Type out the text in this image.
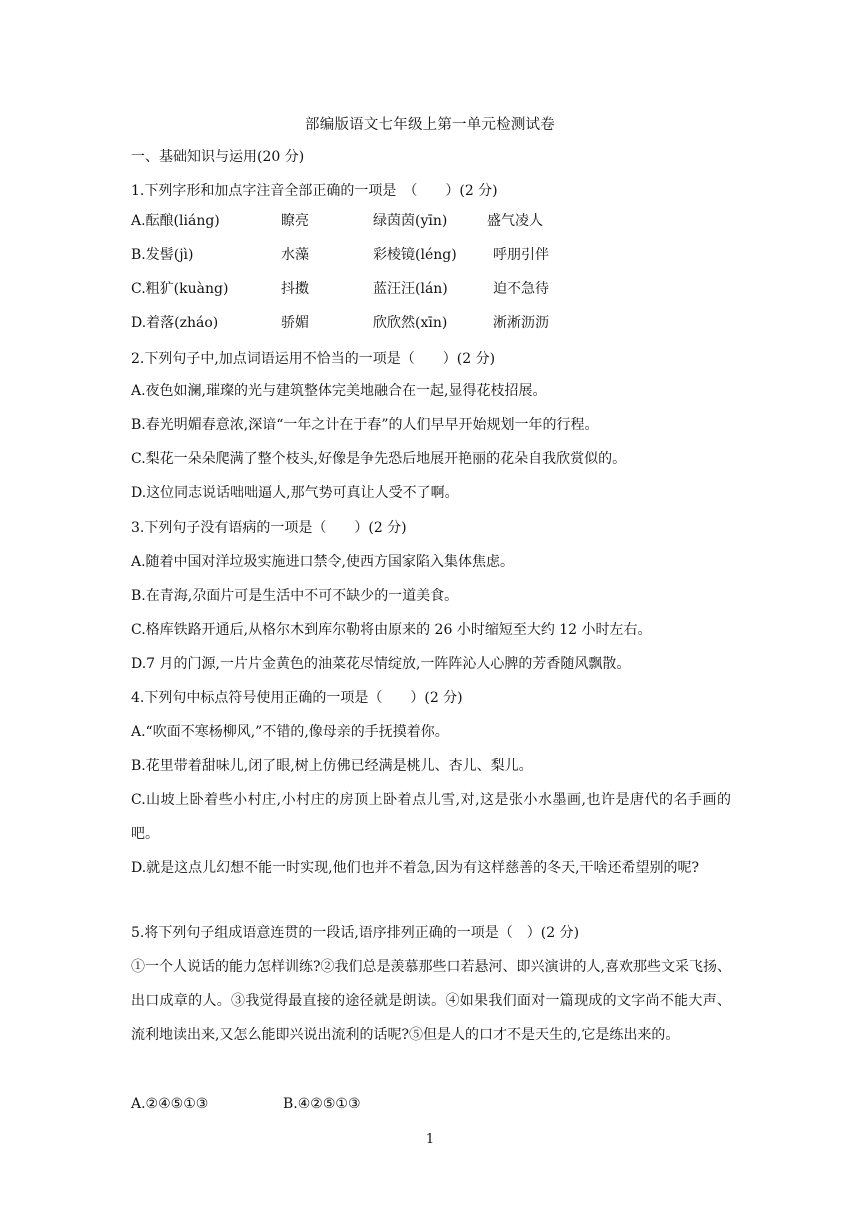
部编版语文七年级上第一单元检测试卷
一、基础知识与运用(20 分)
1.下列字形和加点字注音全部正确的一项是　（　　）(2 分)
A.酝酿(liáng)	瞭亮	绿茵茵(yīn)	盛气凌人
B.发髻(jì)	水藻	彩棱镜(léng)	呼朋引伴
C.粗犷(kuàng)	抖擞	蓝汪汪(lán)	迫不急待
D.着落(zháo)	骄媚	欣欣然(xīn)	淅淅沥沥
2.下列句子中,加点词语运用不恰当的一项是（　　）(2 分)
A.夜色如澜,璀璨的光与建筑整体完美地融合在一起,显得花枝招展。
B.春光明媚春意浓,深谙“一年之计在于春”的人们早早开始规划一年的行程。
C.梨花一朵朵爬满了整个枝头,好像是争先恐后地展开艳丽的花朵自我欣赏似的。
D.这位同志说话咄咄逼人,那气势可真让人受不了啊。
3.下列句子没有语病的一项是（　　）(2 分)
A.随着中国对洋垃圾实施进口禁令,使西方国家陷入集体焦虑。
B.在青海,尕面片可是生活中不可不缺少的一道美食。
C.格库铁路开通后,从格尔木到库尔勒将由原来的 26 小时缩短至大约 12 小时左右。
D.7 月的门源,一片片金黄色的油菜花尽情绽放,一阵阵沁人心脾的芳香随风飘散。
4.下列句中标点符号使用正确的一项是（　　）(2 分)
A.“吹面不寒杨柳风,”不错的,像母亲的手抚摸着你。
B.花里带着甜味儿,闭了眼,树上仿佛已经满是桃儿、杏儿、梨儿。
C.山坡上卧着些小村庄,小村庄的房顶上卧着点儿雪,对,这是张小水墨画,也许是唐代的名手画的吧。
D.就是这点儿幻想不能一时实现,他们也并不着急,因为有这样慈善的冬天,干啥还希望别的呢?
5.将下列句子组成语意连贯的一段话,语序排列正确的一项是（　）(2 分)
①一个人说话的能力怎样训练?②我们总是羡慕那些口若悬河、即兴演讲的人,喜欢那些文采飞扬、出口成章的人。③我觉得最直接的途径就是朗读。④如果我们面对一篇现成的文字尚不能大声、流利地读出来,又怎么能即兴说出流利的话呢?⑤但是人的口才不是天生的,它是练出来的。
A.②④⑤①③	B.④②⑤①③
1
